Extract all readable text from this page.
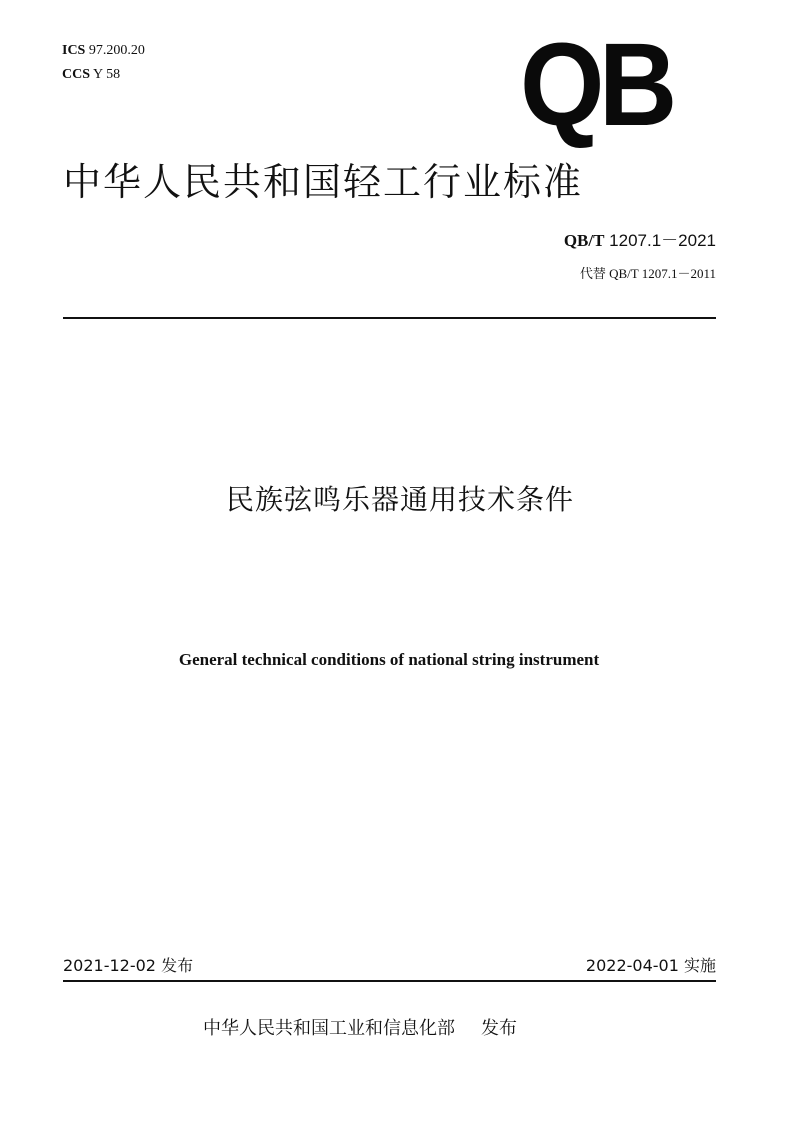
ICS 97.200.20
CCS Y 58	QB
中华人民共和国轻工行业标准
QB/T 1207.1－2021
代替 QB/T 1207.1－2011
民族弦鸣乐器通用技术条件
General technical conditions of national string instrument
2021-12-02 发布	2022-04-01 实施
中华人民共和国工业和信息化部 发布
